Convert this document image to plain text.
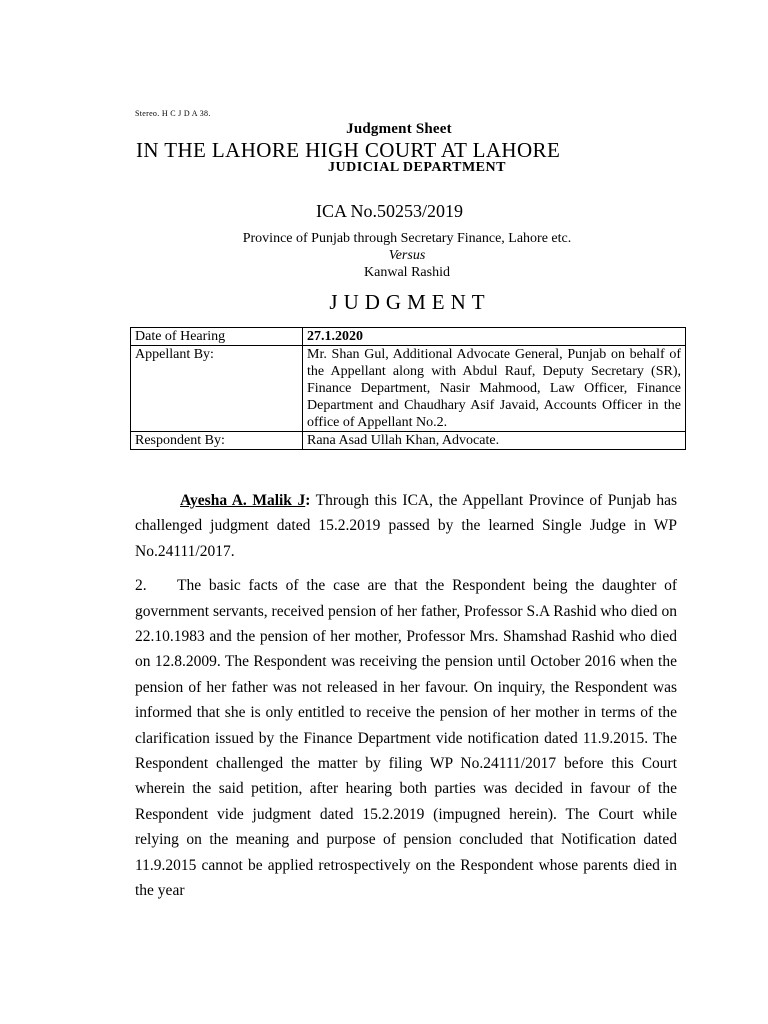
Stereo. H C J D A 38.
Judgment Sheet
IN THE LAHORE HIGH COURT AT LAHORE
JUDICIAL DEPARTMENT
ICA No.50253/2019
Province of Punjab through Secretary Finance, Lahore etc.
Versus
Kanwal Rashid
JUDGMENT
Date of Hearing	27.1.2020
Appellant By:	Mr. Shan Gul, Additional Advocate General, Punjab on behalf of the Appellant along with Abdul Rauf, Deputy Secretary (SR), Finance Department, Nasir Mahmood, Law Officer, Finance Department and Chaudhary Asif Javaid, Accounts Officer in the office of Appellant No.2.
Respondent By:	Rana Asad Ullah Khan, Advocate.

Ayesha A. Malik J: Through this ICA, the Appellant Province of Punjab has challenged judgment dated 15.2.2019 passed by the learned Single Judge in WP No.24111/2017.

2. The basic facts of the case are that the Respondent being the daughter of government servants, received pension of her father, Professor S.A Rashid who died on 22.10.1983 and the pension of her mother, Professor Mrs. Shamshad Rashid who died on 12.8.2009. The Respondent was receiving the pension until October 2016 when the pension of her father was not released in her favour. On inquiry, the Respondent was informed that she is only entitled to receive the pension of her mother in terms of the clarification issued by the Finance Department vide notification dated 11.9.2015. The Respondent challenged the matter by filing WP No.24111/2017 before this Court wherein the said petition, after hearing both parties was decided in favour of the Respondent vide judgment dated 15.2.2019 (impugned herein). The Court while relying on the meaning and purpose of pension concluded that Notification dated 11.9.2015 cannot be applied retrospectively on the Respondent whose parents died in the year
